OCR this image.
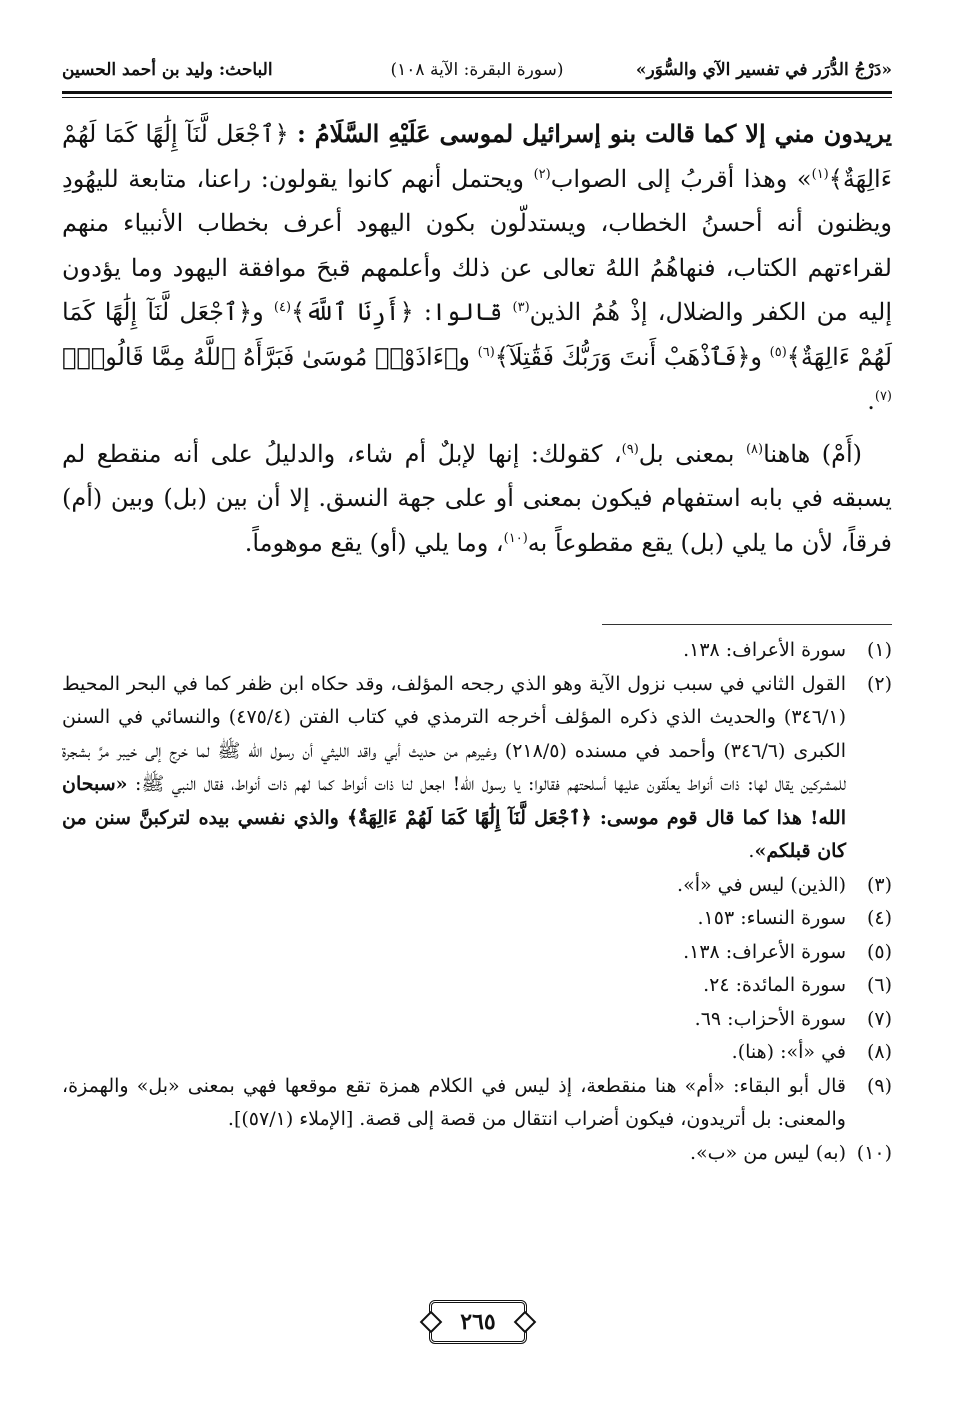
«دَرْجُ الدُّرَر في تفسير الآي والسُّوَر»
(سورة البقرة: الآية ١٠٨)
الباحث: وليد بن أحمد الحسين

يريدون مني إلا كما قالت بنو إسرائيل لموسى عَلَيْهِ السَّلَامُ : ﴿ٱجْعَل لَّنَآ إِلَٰهًا كَمَا لَهُمْ ءَالِهَةٌ﴾$^{(١)}$» وهذا أقربُ إلى الصواب$^{(٢)}$ ويحتمل أنهم كانوا يقولون: راعنا، متابعة لليهُودِ ويظنون أنه أحسنُ الخطاب، ويستدلّون بكون اليهود أعرف بخطاب الأنبياء منهم لقراءتهم الكتاب، فنهاهُمُ اللهُ تعالى عن ذلك وأعلمهم قبحَ موافقة اليهود وما يؤدون إليه من الكفر والضلال، إذْ هُمُ الذين$^{(٣)}$ قالوا: ﴿أَرِنَا ٱللَّهَ﴾$^{(٤)}$ و﴿ٱجْعَل لَّنَآ إِلَٰهًا كَمَا لَهُمْ ءَالِهَةٌ﴾$^{(٥)}$ و﴿فَٱذْهَبْ أَنتَ وَرَبُّكَ فَقَٰتِلَآ﴾$^{(٦)}$ و﴿ءَاذَوْا۟ مُوسَىٰ فَبَرَّأَهُ ٱللَّهُ مِمَّا قَالُوا۟﴾$^{(٧)}$.

(أَمْ) هاهنا$^{(٨)}$ بمعنى بل$^{(٩)}$، كقولك: إنها لإبلٌ أم شاء، والدليلُ على أنه منقطع لم يسبقه في بابه استفهام فيكون بمعنى أو على جهة النسق. إلا أن بين (بل) وبين (أم) فرقاً، لأن ما يلي (بل) يقع مقطوعاً به$^{(١٠)}$، وما يلي (أو) يقع موهوماً.

(١)
سورة الأعراف: ١٣٨.
(٢)
القول الثاني في سبب نزول الآية وهو الذي رجحه المؤلف، وقد حكاه ابن ظفر كما في البحر المحيط (٣٤٦/١) والحديث الذي ذكره المؤلف أخرجه الترمذي في كتاب الفتن (٤٧٥/٤) والنسائي في السنن الكبرى (٣٤٦/٦) وأحمد في مسنده (٢١٨/٥) وغيرهم من حديث أبي واقد الليثي أن رسول الله ﷺ لما خرج إلى خيبر مرَّ بشجرة للمشركين يقال لها: ذات أنواط يعلّقون عليها أسلحتهم فقالوا: يا رسول الله! اجعل لنا ذات أنواط كما لهم ذات أنواط، فقال النبي ﷺ: «سبحان الله! هذا كما قال قوم موسى: ﴿ٱجْعَل لَّنَآ إِلَٰهًا كَمَا لَهُمْ ءَالِهَةٌ﴾ والذي نفسي بيده لتركبنَّ سنن من كان قبلكم».
(٣)
(الذين) ليس في «أ».
(٤)
سورة النساء: ١٥٣.
(٥)
سورة الأعراف: ١٣٨.
(٦)
سورة المائدة: ٢٤.
(٧)
سورة الأحزاب: ٦٩.
(٨)
في «أ»: (هنا).
(٩)
قال أبو البقاء: «أم» هنا منقطعة، إذ ليس في الكلام همزة تقع موقعها فهي بمعنى «بل» والهمزة، والمعنى: بل أتريدون، فيكون أضراب انتقال من قصة إلى قصة. [الإملاء (٥٧/١)].
(١٠)
(به) ليس من «ب».
٢٦٥
